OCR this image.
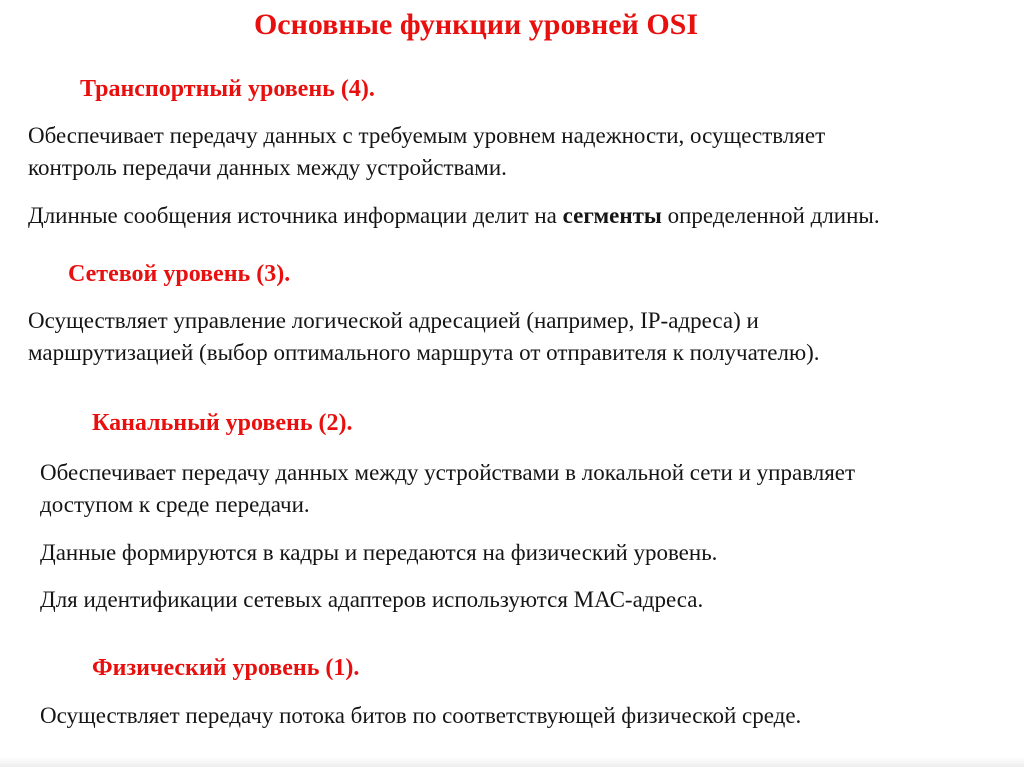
Основные функции уровней OSI
Транспортный уровень (4).
Обеспечивает передачу данных с требуемым уровнем надежности, осуществляет
контроль передачи данных между устройствами.
Длинные сообщения источника информации делит на сегменты определенной длины.
Сетевой уровень (3).
Осуществляет управление логической адресацией (например, IP-адреса) и
маршрутизацией (выбор оптимального маршрута от отправителя к получателю).
Канальный уровень (2).
Обеспечивает передачу данных между устройствами в локальной сети и управляет
доступом к среде передачи.
Данные формируются в кадры и передаются на физический уровень.
Для идентификации сетевых адаптеров используются МАС-адреса.
Физический уровень (1).
Осуществляет передачу потока битов по соответствующей физической среде.
